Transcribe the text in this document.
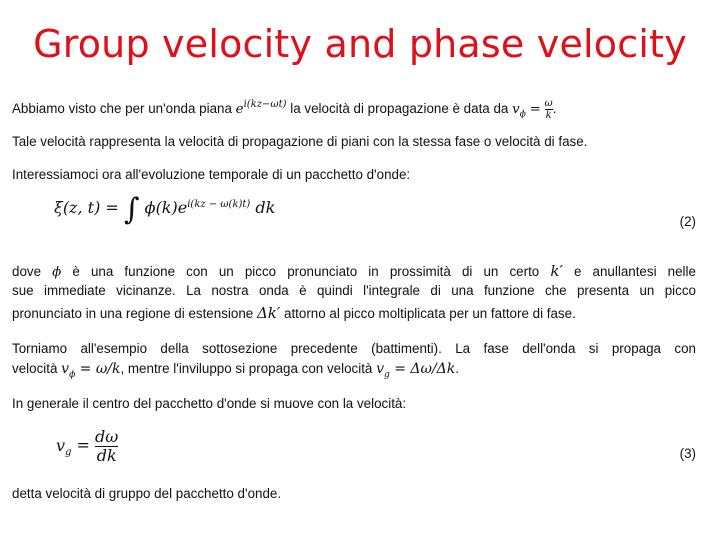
Group velocity and phase velocity
Abbiamo visto che per un'onda piana $e^{i(kz-\omega t)}$ la velocità di propagazione è data da $v_\phi = \frac{\omega}{k}$ .
Tale velocità rappresenta la velocità di propagazione di piani con la stessa fase o velocità di fase.
Interessiamoci ora all'evoluzione temporale di un pacchetto d'onde:
ξ(z, t) = ∫ $\phi(k)e^{i(kz - \omega(k)t)}$ dk
(2)
dove ϕ è una funzione con un picco pronunciato in prossimità di un certo k′ e anullantesi nelle
sue immediate vicinanze. La nostra onda è quindi l'integrale di una funzione che presenta un picco
pronunciato in una regione di estensione Δk′ attorno al picco moltiplicata per un fattore di fase.
Torniamo all'esempio della sottosezione precedente (battimenti). La fase dell'onda si propaga con
velocità $v_\phi = \omega/k$, mentre l'inviluppo si propaga con velocità $v_g = \Delta\omega/\Delta k$.
In generale il centro del pacchetto d'onde si muove con la velocità:
$v_g = \frac{d\omega}{dk}$	(3)
detta velocità di gruppo del pacchetto d'onde.
